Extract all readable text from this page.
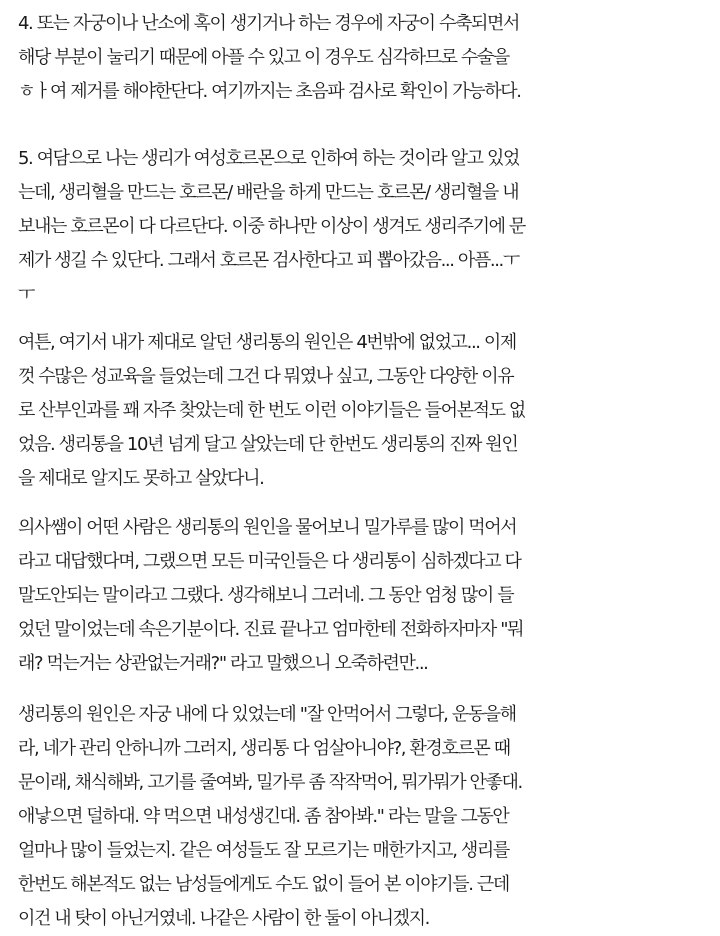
4. 또는 자궁이나 난소에 혹이 생기거나 하는 경우에 자궁이 수축되면서
해당 부분이 눌리기 때문에 아플 수 있고 이 경우도 심각하므로 수술을
ㅎㅏ여 제거를 해야한단다. 여기까지는 초음파 검사로 확인이 가능하다.
5. 여담으로 나는 생리가 여성호르몬으로 인하여 하는 것이라 알고 있었
는데, 생리혈을 만드는 호르몬/ 배란을 하게 만드는 호르몬/ 생리혈을 내
보내는 호르몬이 다 다르단다. 이중 하나만 이상이 생겨도 생리주기에 문
제가 생길 수 있단다. 그래서 호르몬 검사한다고 피 뽑아갔음... 아픔...ㅜ
ㅜ
여튼, 여기서 내가 제대로 알던 생리통의 원인은 4번밖에 없었고... 이제
껏 수많은 성교육을 들었는데 그건 다 뭐였나 싶고, 그동안 다양한 이유
로 산부인과를 꽤 자주 찾았는데 한 번도 이런 이야기들은 들어본적도 없
었음. 생리통을 10년 넘게 달고 살았는데 단 한번도 생리통의 진짜 원인
을 제대로 알지도 못하고 살았다니.
의사쌤이 어떤 사람은 생리통의 원인을 물어보니 밀가루를 많이 먹어서
라고 대답했다며, 그랬으면 모든 미국인들은 다 생리통이 심하겠다고 다
말도안되는 말이라고 그랬다. 생각해보니 그러네. 그 동안 엄청 많이 들
었던 말이었는데 속은기분이다. 진료 끝나고 엄마한테 전화하자마자 "뭐
래? 먹는거는 상관없는거래?" 라고 말했으니 오죽하련만...
생리통의 원인은 자궁 내에 다 있었는데 "잘 안먹어서 그렇다, 운동을해
라, 네가 관리 안하니까 그러지, 생리통 다 엄살아니야?, 환경호르몬 때
문이래, 채식해봐, 고기를 줄여봐, 밀가루 좀 작작먹어, 뭐가뭐가 안좋대.
애낳으면 덜하대. 약 먹으면 내성생긴대. 좀 참아봐." 라는 말을 그동안
얼마나 많이 들었는지. 같은 여성들도 잘 모르기는 매한가지고, 생리를
한번도 해본적도 없는 남성들에게도 수도 없이 들어 본 이야기들. 근데
이건 내 탓이 아닌거였네. 나같은 사람이 한 둘이 아니겠지.
